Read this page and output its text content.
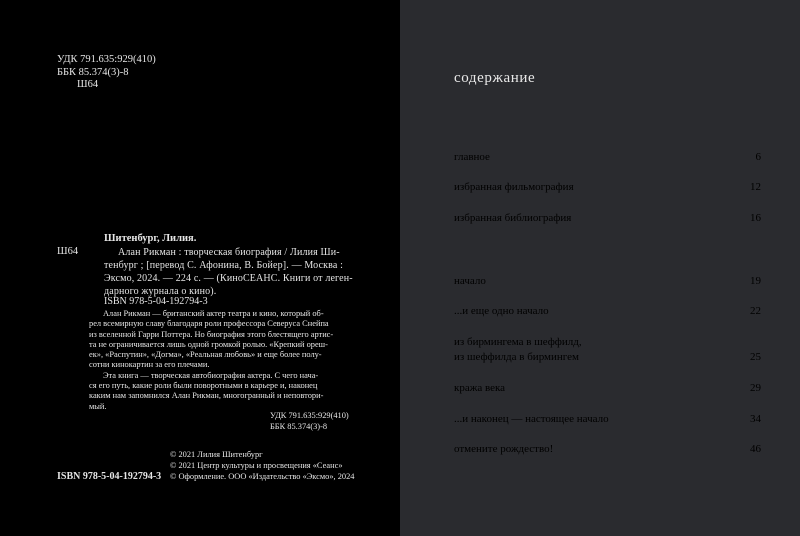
УДК 791.635:929(410)
ББК 85.374(3)-8
Ш64
Шитенбург, Лилия.
Ш64	Алан Рикман : творческая биография / Лилия Ши-
тенбург ; [перевод С. Афонина, В. Бойер]. — Москва :
Эксмо, 2024. — 224 с. — (КиноСЕАНС. Книги от леген-
дарного журнала о кино).
ISBN 978-5-04-192794-3
Алан Рикман — британский актер театра и кино, который об-
рел всемирную славу благодаря роли профессора Северуса Снейпа
из вселенной Гарри Поттера. Но биография этого блестящего артис-
та не ограничивается лишь одной громкой ролью. «Крепкий ореш-
ек», «Распутин», «Догма», «Реальная любовь» и еще более полу-
сотни кинокартин за его плечами.
Эта книга — творческая автобиография актера. С чего нача-
ся его путь, какие роли были поворотными в карьере и, наконец
каким нам запомнился Алан Рикман, многогранный и неповтори-
мый.
УДК 791.635:929(410)
ББК 85.374(3)-8
© 2021 Лилия Шитенбург
© 2021 Центр культуры и просвещения «Сеанс»
© Оформление. ООО «Издательство «Эксмо», 2024
ISBN 978-5-04-192794-3
содержание
главное	6
избранная фильмография	12
избранная библиография	16
начало	19
...и еще одно начало	22
из бирмингема в шеффилд,
из шеффилда в бирмингем	25
кража века	29
...и наконец — настоящее начало	34
отмените рождество!	46
